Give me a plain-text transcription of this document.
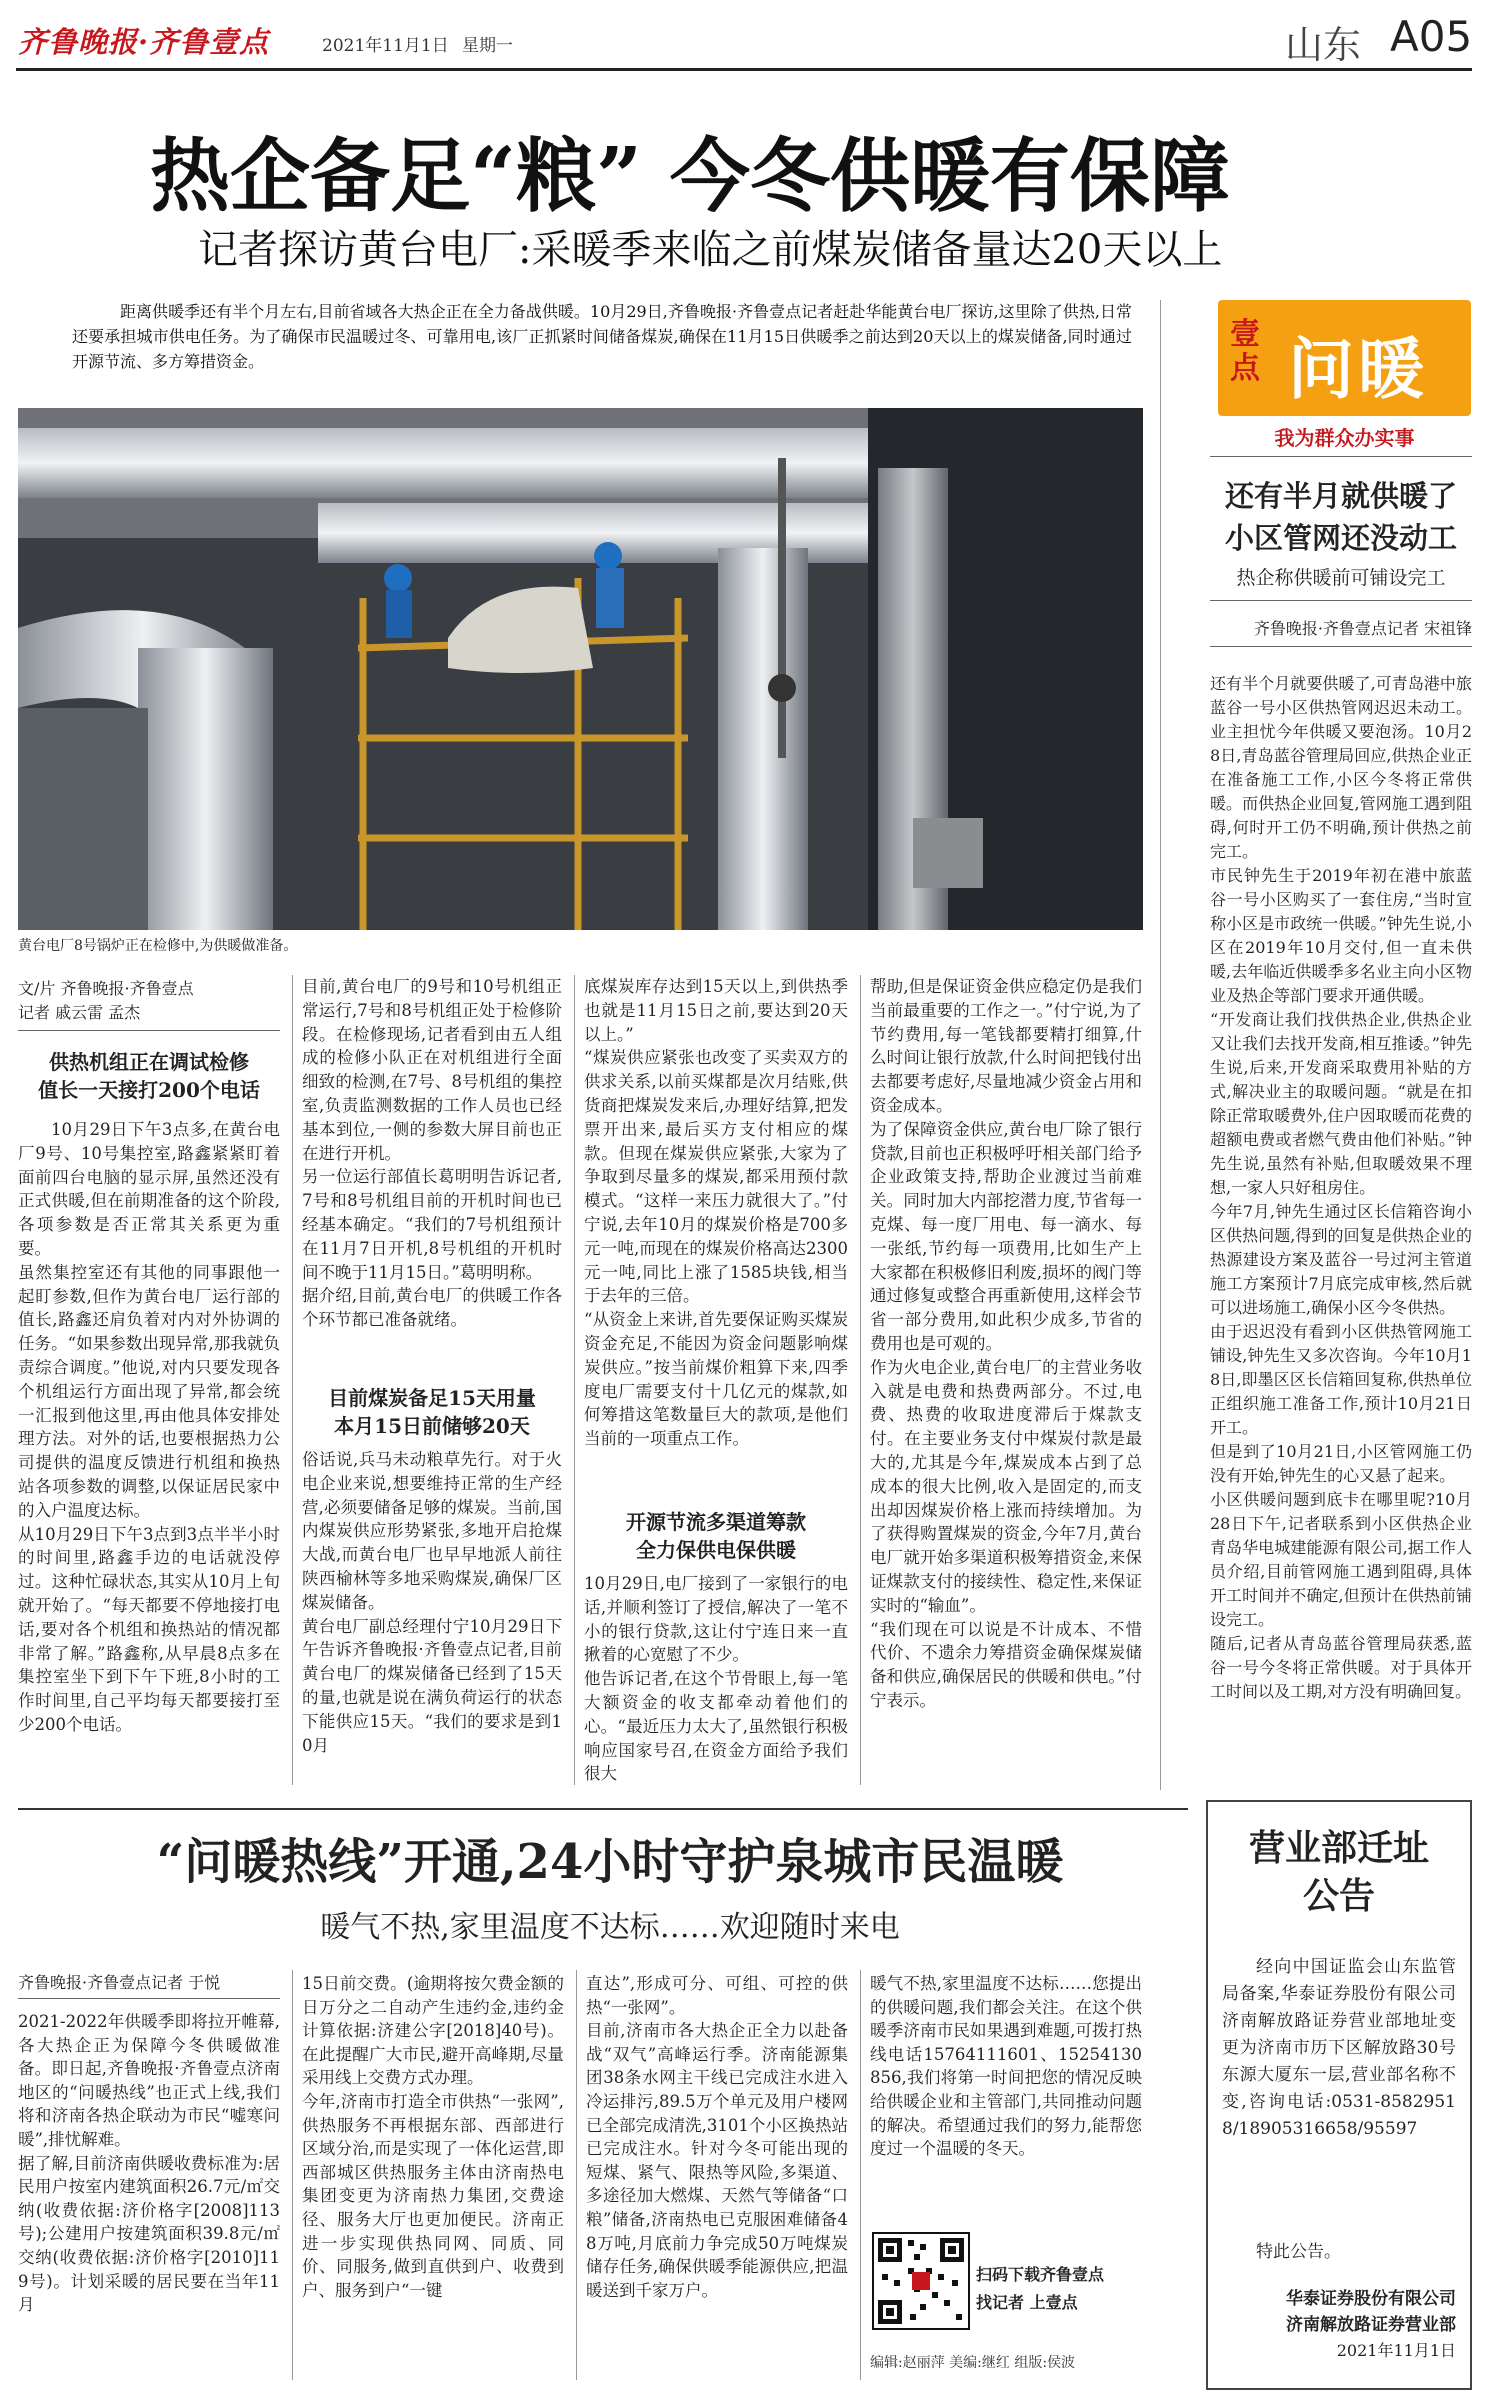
齐鲁晚报·齐鲁壹点	2021年11月1日 星期一	山东 A05
热企备足“粮” 今冬供暖有保障
记者探访黄台电厂:采暖季来临之前煤炭储备量达20天以上
距离供暖季还有半个月左右,目前省域各大热企正在全力备战供暖。10月29日,齐鲁晚报·齐鲁壹点记者赶赴华能黄台电厂探访,这里除了供热,日常还要承担城市供电任务。为了确保市民温暖过冬、可靠用电,该厂正抓紧时间储备煤炭,确保在11月15日供暖季之前达到20天以上的煤炭储备,同时通过开源节流、多方筹措资金。
黄台电厂8号锅炉正在检修中,为供暖做准备。
文/片 齐鲁晚报·齐鲁壹点
记者 戚云雷 孟杰
供热机组正在调试检修
值长一天接打200个电话
10月29日下午3点多,在黄台电厂9号、10号集控室,路鑫紧紧盯着面前四台电脑的显示屏,虽然还没有正式供暖,但在前期准备的这个阶段,各项参数是否正常其关系更为重要。
虽然集控室还有其他的同事跟他一起盯参数,但作为黄台电厂运行部的值长,路鑫还肩负着对内对外协调的任务。“如果参数出现异常,那我就负责综合调度。”他说,对内只要发现各个机组运行方面出现了异常,都会统一汇报到他这里,再由他具体安排处理方法。对外的话,也要根据热力公司提供的温度反馈进行机组和换热站各项参数的调整,以保证居民家中的入户温度达标。
从10月29日下午3点到3点半半小时的时间里,路鑫手边的电话就没停过。这种忙碌状态,其实从10月上旬就开始了。“每天都要不停地接打电话,要对各个机组和换热站的情况都非常了解。”路鑫称,从早晨8点多在集控室坐下到下午下班,8小时的工作时间里,自己平均每天都要接打至少200个电话。
目前,黄台电厂的9号和10号机组正常运行,7号和8号机组正处于检修阶段。在检修现场,记者看到由五人组成的检修小队正在对机组进行全面细致的检测,在7号、8号机组的集控室,负责监测数据的工作人员也已经基本到位,一侧的参数大屏目前也正在进行开机。
另一位运行部值长葛明明告诉记者,7号和8号机组目前的开机时间也已经基本确定。“我们的7号机组预计在11月7日开机,8号机组的开机时间不晚于11月15日。”葛明明称。
据介绍,目前,黄台电厂的供暖工作各个环节都已准备就绪。
目前煤炭备足15天用量
本月15日前储够20天
俗话说,兵马未动粮草先行。对于火电企业来说,想要维持正常的生产经营,必须要储备足够的煤炭。当前,国内煤炭供应形势紧张,多地开启抢煤大战,而黄台电厂也早早地派人前往陕西榆林等多地采购煤炭,确保厂区煤炭储备。
黄台电厂副总经理付宁10月29日下午告诉齐鲁晚报·齐鲁壹点记者,目前黄台电厂的煤炭储备已经到了15天的量,也就是说在满负荷运行的状态下能供应15天。“我们的要求是到10月
底煤炭库存达到15天以上,到供热季也就是11月15日之前,要达到20天以上。”
“煤炭供应紧张也改变了买卖双方的供求关系,以前买煤都是次月结账,供货商把煤炭发来后,办理好结算,把发票开出来,最后买方支付相应的煤款。但现在煤炭供应紧张,大家为了争取到尽量多的煤炭,都采用预付款模式。“这样一来压力就很大了。”付宁说,去年10月的煤炭价格是700多元一吨,而现在的煤炭价格高达2300元一吨,同比上涨了1585块钱,相当于去年的三倍。
“从资金上来讲,首先要保证购买煤炭资金充足,不能因为资金问题影响煤炭供应。”按当前煤价粗算下来,四季度电厂需要支付十几亿元的煤款,如何筹措这笔数量巨大的款项,是他们当前的一项重点工作。
开源节流多渠道筹款
全力保供电保供暖
10月29日,电厂接到了一家银行的电话,并顺利签订了授信,解决了一笔不小的银行贷款,这让付宁连日来一直揪着的心宽慰了不少。
他告诉记者,在这个节骨眼上,每一笔大额资金的收支都牵动着他们的心。“最近压力太大了,虽然银行积极响应国家号召,在资金方面给予我们很大
帮助,但是保证资金供应稳定仍是我们当前最重要的工作之一。”付宁说,为了节约费用,每一笔钱都要精打细算,什么时间让银行放款,什么时间把钱付出去都要考虑好,尽量地减少资金占用和资金成本。
为了保障资金供应,黄台电厂除了银行贷款,目前也正积极呼吁相关部门给予企业政策支持,帮助企业渡过当前难关。同时加大内部挖潜力度,节省每一克煤、每一度厂用电、每一滴水、每一张纸,节约每一项费用,比如生产上大家都在积极修旧利废,损坏的阀门等通过修复或整合再重新使用,这样会节省一部分费用,如此积少成多,节省的费用也是可观的。
作为火电企业,黄台电厂的主营业务收入就是电费和热费两部分。不过,电费、热费的收取进度滞后于煤款支付。在主要业务支付中煤炭付款是最大的,尤其是今年,煤炭成本占到了总成本的很大比例,收入是固定的,而支出却因煤炭价格上涨而持续增加。为了获得购置煤炭的资金,今年7月,黄台电厂就开始多渠道积极筹措资金,来保证煤款支付的接续性、稳定性,来保证实时的“输血”。
“我们现在可以说是不计成本、不惜代价、不遗余力筹措资金确保煤炭储备和供应,确保居民的供暖和供电。”付宁表示。
壹点 问暖
我为群众办实事
还有半月就供暖了
小区管网还没动工
热企称供暖前可铺设完工
齐鲁晚报·齐鲁壹点记者 宋祖锋
还有半个月就要供暖了,可青岛港中旅蓝谷一号小区供热管网迟迟未动工。业主担忧今年供暖又要泡汤。10月28日,青岛蓝谷管理局回应,供热企业正在准备施工工作,小区今冬将正常供暖。而供热企业回复,管网施工遇到阻碍,何时开工仍不明确,预计供热之前完工。
市民钟先生于2019年初在港中旅蓝谷一号小区购买了一套住房,“当时宣称小区是市政统一供暖。”钟先生说,小区在2019年10月交付,但一直未供暖,去年临近供暖季多名业主向小区物业及热企等部门要求开通供暖。
“开发商让我们找供热企业,供热企业又让我们去找开发商,相互推诿。”钟先生说,后来,开发商采取费用补贴的方式,解决业主的取暖问题。“就是在扣除正常取暖费外,住户因取暖而花费的超额电费或者燃气费由他们补贴。”钟先生说,虽然有补贴,但取暖效果不理想,一家人只好租房住。
今年7月,钟先生通过区长信箱咨询小区供热问题,得到的回复是供热企业的热源建设方案及蓝谷一号过河主管道施工方案预计7月底完成审核,然后就可以进场施工,确保小区今冬供热。
由于迟迟没有看到小区供热管网施工铺设,钟先生又多次咨询。今年10月18日,即墨区区长信箱回复称,供热单位正组织施工准备工作,预计10月21日开工。
但是到了10月21日,小区管网施工仍没有开始,钟先生的心又悬了起来。
小区供暖问题到底卡在哪里呢?10月28日下午,记者联系到小区供热企业青岛华电城建能源有限公司,据工作人员介绍,目前管网施工遇到阻碍,具体开工时间并不确定,但预计在供热前铺设完工。
随后,记者从青岛蓝谷管理局获悉,蓝谷一号今冬将正常供暖。对于具体开工时间以及工期,对方没有明确回复。
“问暖热线”开通,24小时守护泉城市民温暖
暖气不热,家里温度不达标……欢迎随时来电
齐鲁晚报·齐鲁壹点记者 于悦
2021-2022年供暖季即将拉开帷幕,各大热企正为保障今冬供暖做准备。即日起,齐鲁晚报·齐鲁壹点济南地区的“问暖热线”也正式上线,我们将和济南各热企联动为市民“嘘寒问暖”,排忧解难。
据了解,目前济南供暖收费标准为:居民用户按室内建筑面积26.7元/㎡交纳(收费依据:济价格字[2008]113号);公建用户按建筑面积39.8元/㎡交纳(收费依据:济价格字[2010]119号)。计划采暖的居民要在当年11月
15日前交费。(逾期将按欠费金额的日万分之二自动产生违约金,违约金计算依据:济建公字[2018]40号)。在此提醒广大市民,避开高峰期,尽量采用线上交费方式办理。
今年,济南市打造全市供热“一张网”,供热服务不再根据东部、西部进行区域分治,而是实现了一体化运营,即西部城区供热服务主体由济南热电集团变更为济南热力集团,交费途径、服务大厅也更加便民。济南正进一步实现供热同网、同质、同价、同服务,做到直供到户、收费到户、服务到户“一键
直达”,形成可分、可组、可控的供热“一张网”。
目前,济南市各大热企正全力以赴备战“双气”高峰运行季。济南能源集团38条水网主干线已完成注水进入冷运排污,89.5万个单元及用户楼网已全部完成清洗,3101个小区换热站已完成注水。针对今冬可能出现的短煤、紧气、限热等风险,多渠道、多途径加大燃煤、天然气等储备“口粮”储备,济南热电已克服困难储备48万吨,月底前力争完成50万吨煤炭储存任务,确保供暖季能源供应,把温暖送到千家万户。
暖气不热,家里温度不达标……您提出的供暖问题,我们都会关注。在这个供暖季济南市民如果遇到难题,可拨打热线电话15764111601、15254130856,我们将第一时间把您的情况反映给供暖企业和主管部门,共同推动问题的解决。希望通过我们的努力,能帮您度过一个温暖的冬天。
扫码下载齐鲁壹点
找记者 上壹点
编辑:赵丽萍 美编:继红 组版:侯波
营业部迁址
公告
经向中国证监会山东监管局备案,华泰证券股份有限公司济南解放路证券营业部地址变更为济南市历下区解放路30号东源大厦东一层,营业部名称不变,咨询电话:0531-85829518/18905316658/95597
特此公告。
华泰证券股份有限公司
济南解放路证券营业部
2021年11月1日
